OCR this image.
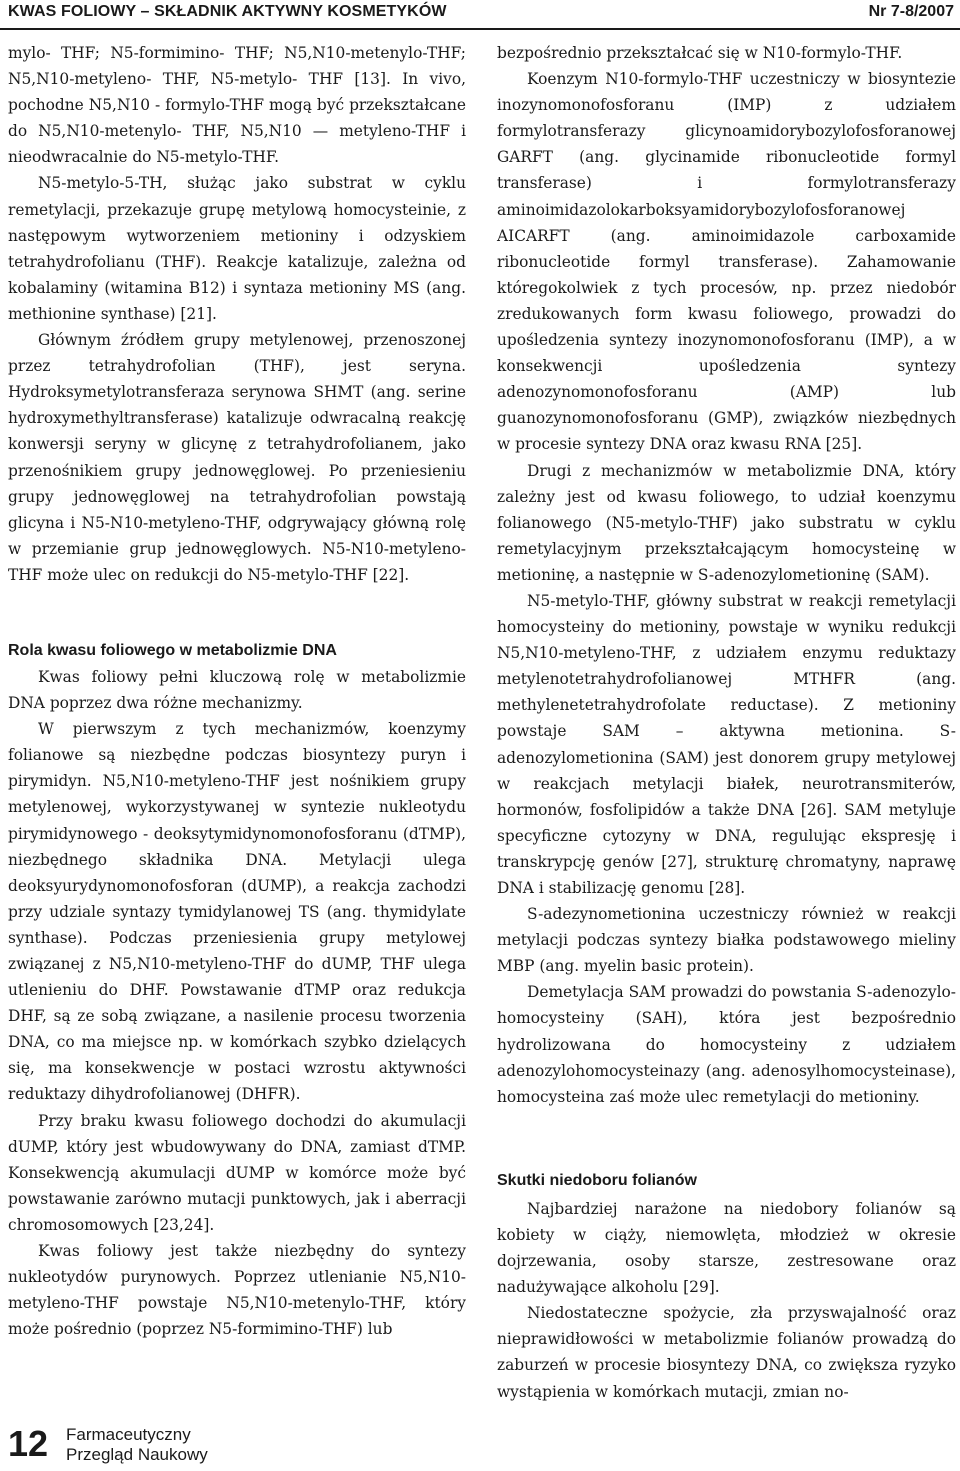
KWAS FOLIOWY – SKŁADNIK AKTYWNY KOSMETYKÓW	Nr 7-8/2007

mylo- THF; N5-formimino- THF; N5,N10-metenylo-THF; N5,N10-metyleno- THF, N5-metylo- THF [13]. In vivo, pochodne N5,N10 - formylo-THF mogą być przekształcane do N5,N10-metenylo- THF, N5,N10 — metyleno-THF i nieodwracalnie do N5-metylo-THF.

N5-metylo-5-TH, służąc jako substrat w cyklu remetylacji, przekazuje grupę metylową homocysteinie, z następowym wytworzeniem metioniny i odzyskiem tetrahydrofolianu (THF). Reakcje katalizuje, zależna od kobalaminy (witamina B12) i syntaza metioniny MS (ang. methionine synthase) [21].

Głównym źródłem grupy metylenowej, przenoszonej przez tetrahydrofolian (THF), jest seryna. Hydroksymetylotransferaza serynowa SHMT (ang. serine hydroxymethyltransferase) katalizuje odwracalną reakcję konwersji seryny w glicynę z tetrahydrofolianem, jako przenośnikiem grupy jednowęglowej. Po przeniesieniu grupy jednowęglowej na tetrahydrofolian powstają glicyna i N5-N10-metyleno-THF, odgrywający główną rolę w przemianie grup jednowęglowych. N5-N10-metyleno-THF może ulec on redukcji do N5-metylo-THF [22].

Rola kwasu foliowego w metabolizmie DNA

Kwas foliowy pełni kluczową rolę w metabolizmie DNA poprzez dwa różne mechanizmy.

W pierwszym z tych mechanizmów, koenzymy folianowe są niezbędne podczas biosyntezy puryn i pirymidyn. N5,N10-metyleno-THF jest nośnikiem grupy metylenowej, wykorzystywanej w syntezie nukleotydu pirymidynowego - deoksytymidynomonofosforanu (dTMP), niezbędnego składnika DNA. Metylacji ulega deoksyurydynomonofosforan (dUMP), a reakcja zachodzi przy udziale syntazy tymidylanowej TS (ang. thymidylate synthase). Podczas przeniesienia grupy metylowej związanej z N5,N10-metyleno-THF do dUMP, THF ulega utlenieniu do DHF. Powstawanie dTMP oraz redukcja DHF, są ze sobą związane, a nasilenie procesu tworzenia DNA, co ma miejsce np. w komórkach szybko dzielących się, ma konsekwencje w postaci wzrostu aktywności reduktazy dihydrofolianowej (DHFR).

Przy braku kwasu foliowego dochodzi do akumulacji dUMP, który jest wbudowywany do DNA, zamiast dTMP. Konsekwencją akumulacji dUMP w komórce może być powstawanie zarówno mutacji punktowych, jak i aberracji chromosomowych [23,24].

Kwas foliowy jest także niezbędny do syntezy nukleotydów purynowych. Poprzez utlenianie N5,N10-metyleno-THF powstaje N5,N10-metenylo-THF, który może pośrednio (poprzez N5-formimino-THF) lub

bezpośrednio przekształcać się w N10-formylo-THF.

Koenzym N10-formylo-THF uczestniczy w biosyntezie inozynomonofosforanu (IMP) z udziałem formylotransferazy glicynoamidorybozylofosforanowej GARFT (ang. glycinamide ribonucleotide formyl transferase) i formylotransferazy aminoimidazolokarboksyamidorybozylofosforanowej AICARFT (ang. aminoimidazole carboxamide ribonucleotide formyl transferase). Zahamowanie któregokolwiek z tych procesów, np. przez niedobór zredukowanych form kwasu foliowego, prowadzi do upośledzenia syntezy inozynomonofosforanu (IMP), a w konsekwencji upośledzenia syntezy adenozynomonofosforanu (AMP) lub guanozynomonofosforanu (GMP), związków niezbędnych w procesie syntezy DNA oraz kwasu RNA [25].

Drugi z mechanizmów w metabolizmie DNA, który zależny jest od kwasu foliowego, to udział koenzymu folianowego (N5-metylo-THF) jako substratu w cyklu remetylacyjnym przekształcającym homocysteinę w metioninę, a następnie w S-adenozylometioninę (SAM).

N5-metylo-THF, główny substrat w reakcji remetylacji homocysteiny do metioniny, powstaje w wyniku redukcji N5,N10-metyleno-THF, z udziałem enzymu reduktazy metylenotetrahydrofolianowej MTHFR (ang. methylenetetrahydrofolate reductase). Z metioniny powstaje SAM – aktywna metionina. S-adenozylometionina (SAM) jest donorem grupy metylowej w reakcjach metylacji białek, neurotransmiterów, hormonów, fosfolipidów a także DNA [26]. SAM metyluje specyficzne cytozyny w DNA, regulując ekspresję i transkrypcję genów [27], strukturę chromatyny, naprawę DNA i stabilizację genomu [28].

S-adezynometionina uczestniczy również w reakcji metylacji podczas syntezy białka podstawowego mieliny MBP (ang. myelin basic protein).

Demetylacja SAM prowadzi do powstania S-adenozylo-homocysteiny (SAH), która jest bezpośrednio hydrolizowana do homocysteiny z udziałem adenozylohomocysteinazy (ang. adenosylhomocysteinase), homocysteina zaś może ulec remetylacji do metioniny.

Skutki niedoboru folianów

Najbardziej narażone na niedobory folianów są kobiety w ciąży, niemowlęta, młodzież w okresie dojrzewania, osoby starsze, zestresowane oraz nadużywające alkoholu [29].

Niedostateczne spożycie, zła przyswajalność oraz nieprawidłowości w metabolizmie folianów prowadzą do zaburzeń w procesie biosyntezy DNA, co zwiększa ryzyko wystąpienia w komórkach mutacji, zmian no-

12 Farmaceutyczny
Przegląd Naukowy
